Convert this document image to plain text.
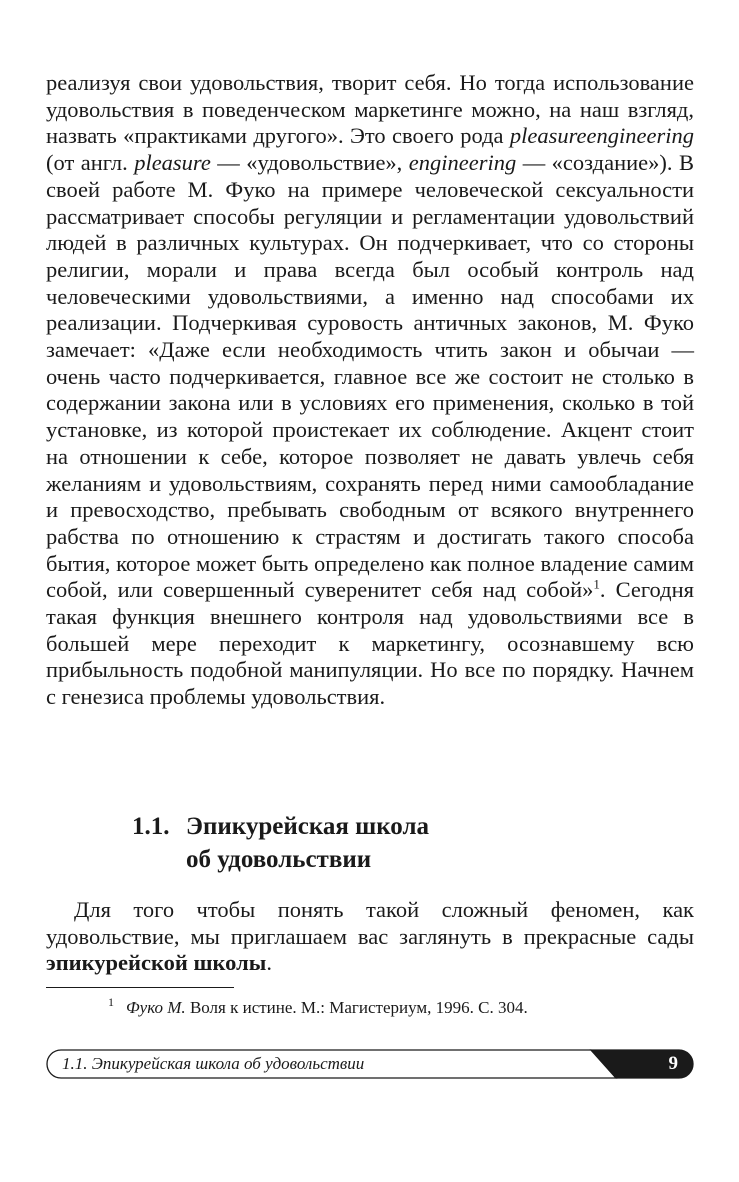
реализуя свои удовольствия, творит себя. Но тогда использование удовольствия в поведенческом маркетинге можно, на наш взгляд, назвать «практиками другого». Это своего рода pleasureengineering (от англ. pleasure — «удовольствие», engineering — «создание»). В своей работе М. Фуко на примере человеческой сексуальности рассматривает способы регуляции и регламентации удовольствий людей в различных культурах. Он подчеркивает, что со стороны религии, морали и права всегда был особый контроль над человеческими удовольствиями, а именно над способами их реализации. Подчеркивая суровость античных законов, М. Фуко замечает: «Даже если необходимость чтить закон и обычаи — очень часто подчеркивается, главное все же состоит не столько в содержании закона или в условиях его применения, сколько в той установке, из которой проистекает их соблюдение. Акцент стоит на отношении к себе, которое позволяет не давать увлечь себя желаниям и удовольствиям, сохранять перед ними самообладание и превосходство, пребывать свободным от всякого внутреннего рабства по отношению к страстям и достигать такого способа бытия, которое может быть определено как полное владение самим собой, или совершенный суверенитет себя над собой»$^1$. Сегодня такая функция внешнего контроля над удовольствиями все в большей мере переходит к маркетингу, осознавшему всю прибыльность подобной манипуляции. Но все по порядку. Начнем с генезиса проблемы удовольствия.

1.1. Эпикурейская школа
об удовольствии

Для того чтобы понять такой сложный феномен, как удовольствие, мы приглашаем вас заглянуть в прекрасные сады эпикурейской школы.

$^1$ Фуко М. Воля к истине. М.: Магистериум, 1996. С. 304.
1.1. Эпикурейская школа об удовольствии	9
